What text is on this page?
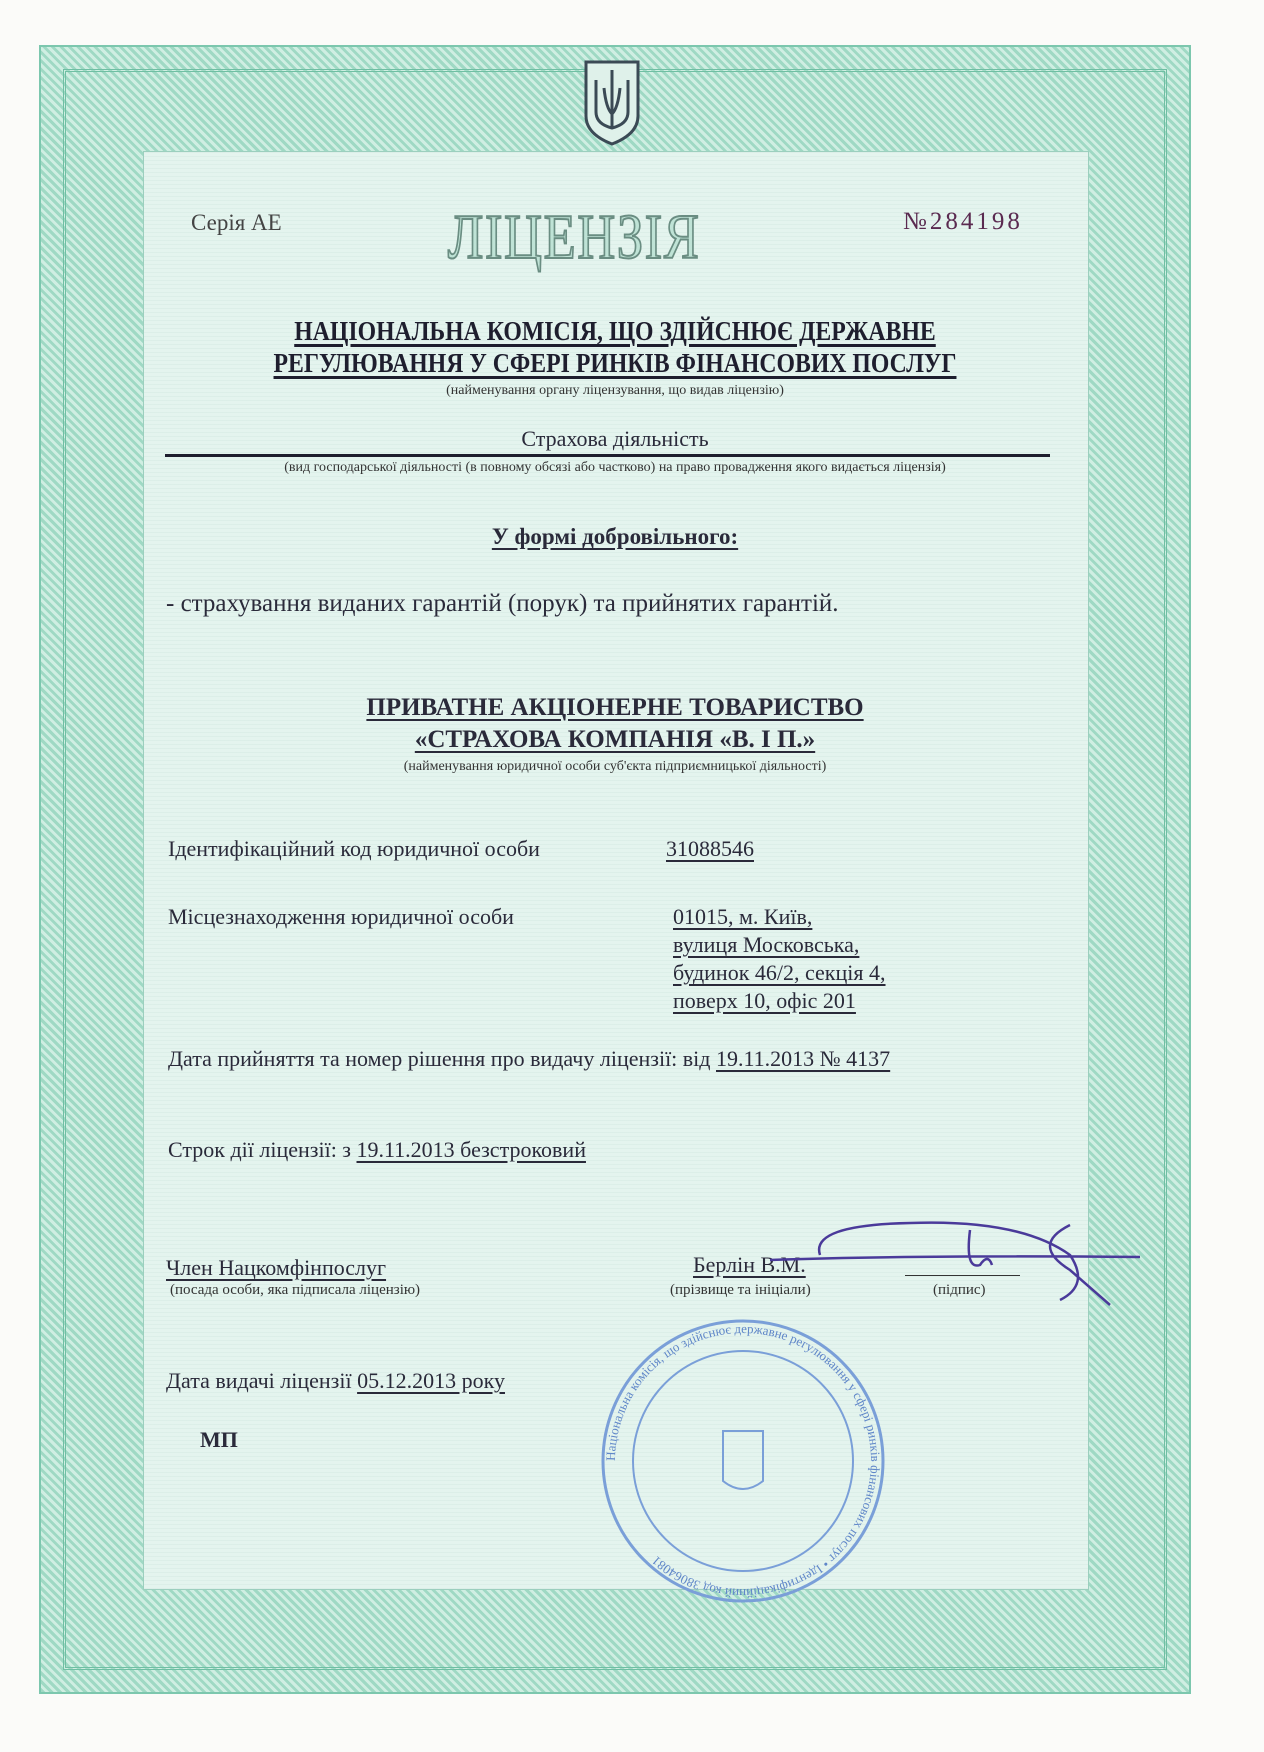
Серія АЕ	ЛІЦЕНЗІЯ	№284198
НАЦІОНАЛЬНА КОМІСІЯ, ЩО ЗДІЙСНЮЄ ДЕРЖАВНЕ
РЕГУЛЮВАННЯ У СФЕРІ РИНКІВ ФІНАНСОВИХ ПОСЛУГ
(найменування органу ліцензування, що видав ліцензію)
Страхова діяльність
(вид господарської діяльності (в повному обсязі або частково) на право провадження якого видається ліцензія)
У формі добровільного:
- страхування виданих гарантій (порук) та прийнятих гарантій.
ПРИВАТНЕ АКЦІОНЕРНЕ ТОВАРИСТВО
«СТРАХОВА КОМПАНІЯ «В. І П.»
(найменування юридичної особи суб'єкта підприємницької діяльності)
Ідентифікаційний код юридичної особи	31088546
Місцезнаходження юридичної особи	01015, м. Київ,
вулиця Московська,
будинок 46/2, секція 4,
поверх 10, офіс 201
Дата прийняття та номер рішення про видачу ліцензії: від 19.11.2013 № 4137
Строк дії ліцензії: з 19.11.2013 безстроковий
Член Нацкомфінпослуг
(посада особи, яка підписала ліцензію)
Берлін В.М.
(прізвище та ініціали)	(підпис)
Національна комісія, що здійснює державне регулювання у сфері ринків фінансових послуг • Ідентифікаційний код 38064081
Дата видачі ліцензії 05.12.2013 року
МП
